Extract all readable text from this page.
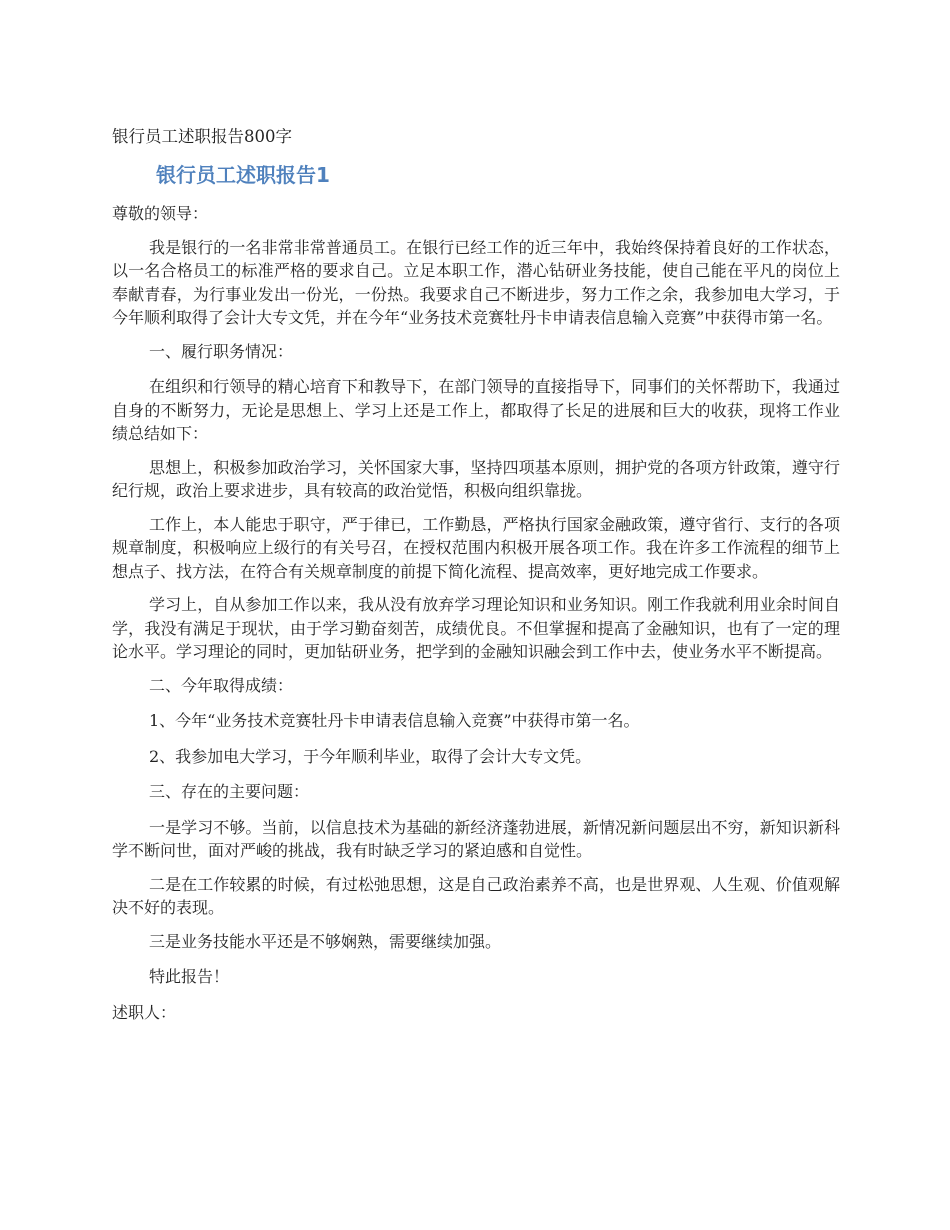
银行员工述职报告800字
银行员工述职报告1
尊敬的领导：
我是银行的一名非常非常普通员工。在银行已经工作的近三年中，我始终保持着良好的工作状态，以一名合格员工的标准严格的要求自己。立足本职工作，潜心钻研业务技能，使自己能在平凡的岗位上奉献青春，为行事业发出一份光，一份热。我要求自己不断进步，努力工作之余，我参加电大学习，于今年顺利取得了会计大专文凭，并在今年“业务技术竞赛牡丹卡申请表信息输入竞赛”中获得市第一名。
一、履行职务情况：
在组织和行领导的精心培育下和教导下，在部门领导的直接指导下，同事们的关怀帮助下，我通过自身的不断努力，无论是思想上、学习上还是工作上，都取得了长足的进展和巨大的收获，现将工作业绩总结如下：
思想上，积极参加政治学习，关怀国家大事，坚持四项基本原则，拥护党的各项方针政策，遵守行纪行规，政治上要求进步，具有较高的政治觉悟，积极向组织靠拢。
工作上，本人能忠于职守，严于律已，工作勤恳，严格执行国家金融政策，遵守省行、支行的各项规章制度，积极响应上级行的有关号召，在授权范围内积极开展各项工作。我在许多工作流程的细节上想点子、找方法，在符合有关规章制度的前提下简化流程、提高效率，更好地完成工作要求。
学习上，自从参加工作以来，我从没有放弃学习理论知识和业务知识。刚工作我就利用业余时间自学，我没有满足于现状，由于学习勤奋刻苦，成绩优良。不但掌握和提高了金融知识，也有了一定的理论水平。学习理论的同时，更加钻研业务，把学到的金融知识融会到工作中去，使业务水平不断提高。
二、今年取得成绩：
1、今年“业务技术竞赛牡丹卡申请表信息输入竞赛”中获得市第一名。
2、我参加电大学习，于今年顺利毕业，取得了会计大专文凭。
三、存在的主要问题：
一是学习不够。当前，以信息技术为基础的新经济蓬勃进展，新情况新问题层出不穷，新知识新科学不断问世，面对严峻的挑战，我有时缺乏学习的紧迫感和自觉性。
二是在工作较累的时候，有过松弛思想，这是自己政治素养不高，也是世界观、人生观、价值观解决不好的表现。
三是业务技能水平还是不够娴熟，需要继续加强。
特此报告！
述职人：
